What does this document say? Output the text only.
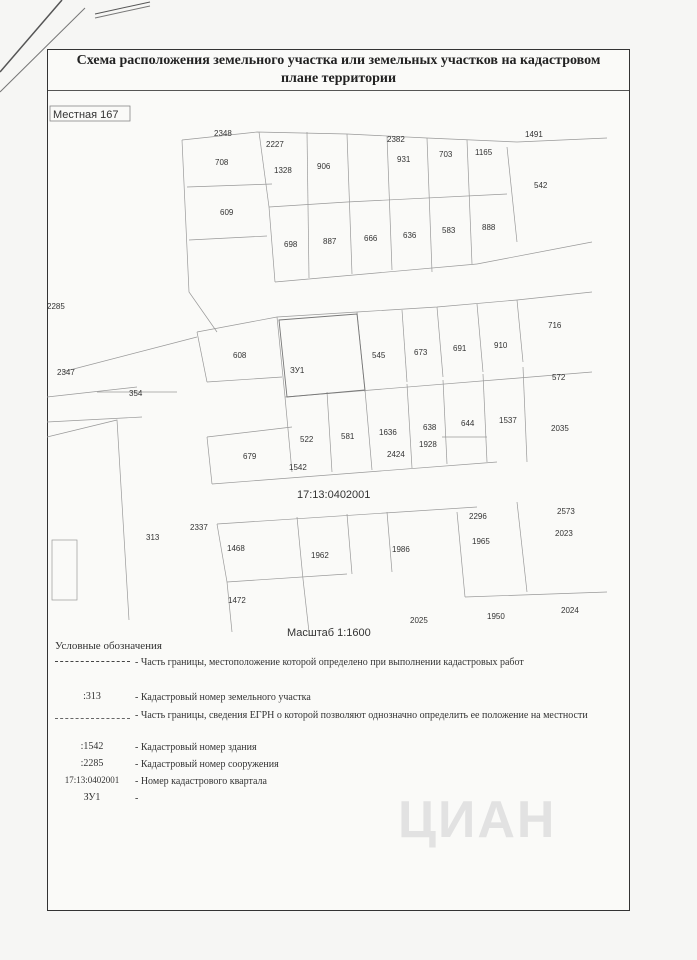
Схема расположения земельного участка или земельных участков на кадастровом
плане территории
Местная 167
2348
2227
2382
1491
708
1328	906
931
703	1165
542
609
698	887	666	636
583	888
2285
608
ЗУ1
545	673	691	910
716
2347
354
572
522	581	1636
638	644	1537
2035
1928
679	2424
1542
2296
2573
313
2337
1468
1962
1986
1965
2023
1472
1950
2024
2025
17:13:0402001
Масштаб 1:1600
Условные обозначения
- Часть границы, местоположение которой определено при выполнении кадастровых работ
:313	- Кадастровый номер земельного участка
- Часть границы, сведения ЕГРН о которой позволяют однозначно определить ее положение на местности
:1542	- Кадастровый номер здания
:2285	- Кадастровый номер сооружения
17:13:0402001	- Номер кадастрового квартала
ЗУ1	-	ЦИАН
